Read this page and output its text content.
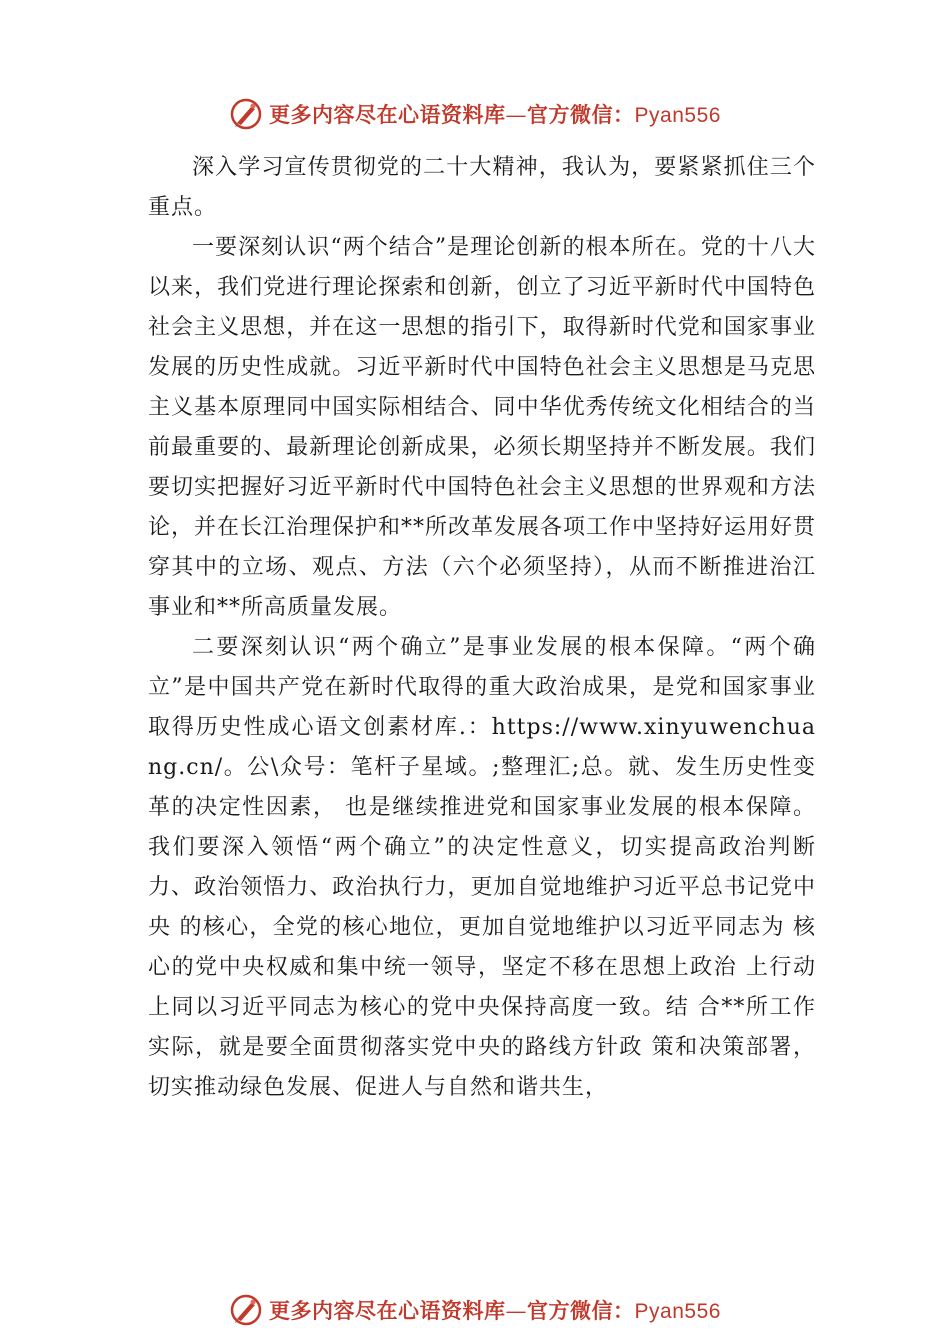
更多内容尽在心语资料库—官方微信：Pyan556

深入学习宣传贯彻党的二十大精神，我认为，要紧紧抓住三个重点。

一要深刻认识“两个结合”是理论创新的根本所在。党的十八大以来，我们党进行理论探索和创新，创立了习近平新时代中国特色社会主义思想，并在这一思想的指引下，取得新时代党和国家事业发展的历史性成就。习近平新时代中国特色社会主义思想是马克思主义基本原理同中国实际相结合、同中华优秀传统文化相结合的当前最重要的、最新理论创新成果，必须长期坚持并不断发展。我们要切实把握好习近平新时代中国特色社会主义思想的世界观和方法论，并在长江治理保护和**所改革发展各项工作中坚持好运用好贯穿其中的立场、观点、方法（六个必须坚持），从而不断推进治江事业和**所高质量发展。

二要深刻认识“两个确立”是事业发展的根本保障。“两个确立”是中国共产党在新时代取得的重大政治成果，是党和国家事业取得历史性成心语文创素材库.：https://www.xinyuwenchuang.cn/。公\众号：笔杆子星域。;整理汇;总。就、发生历史性变革的决定性因素， 也是继续推进党和国家事业发展的根本保障。我们要深入领悟“两个确立”的决定性意义，切实提高政治判断力、政治领悟力、政治执行力，更加自觉地维护习近平总书记党中央 的核心，全党的核心地位，更加自觉地维护以习近平同志为 核心的党中央权威和集中统一领导，坚定不移在思想上政治 上行动上同以习近平同志为核心的党中央保持高度一致。结 合**所工作实际，就是要全面贯彻落实党中央的路线方针政 策和决策部署，切实推动绿色发展、促进人与自然和谐共生，

更多内容尽在心语资料库—官方微信：Pyan556
